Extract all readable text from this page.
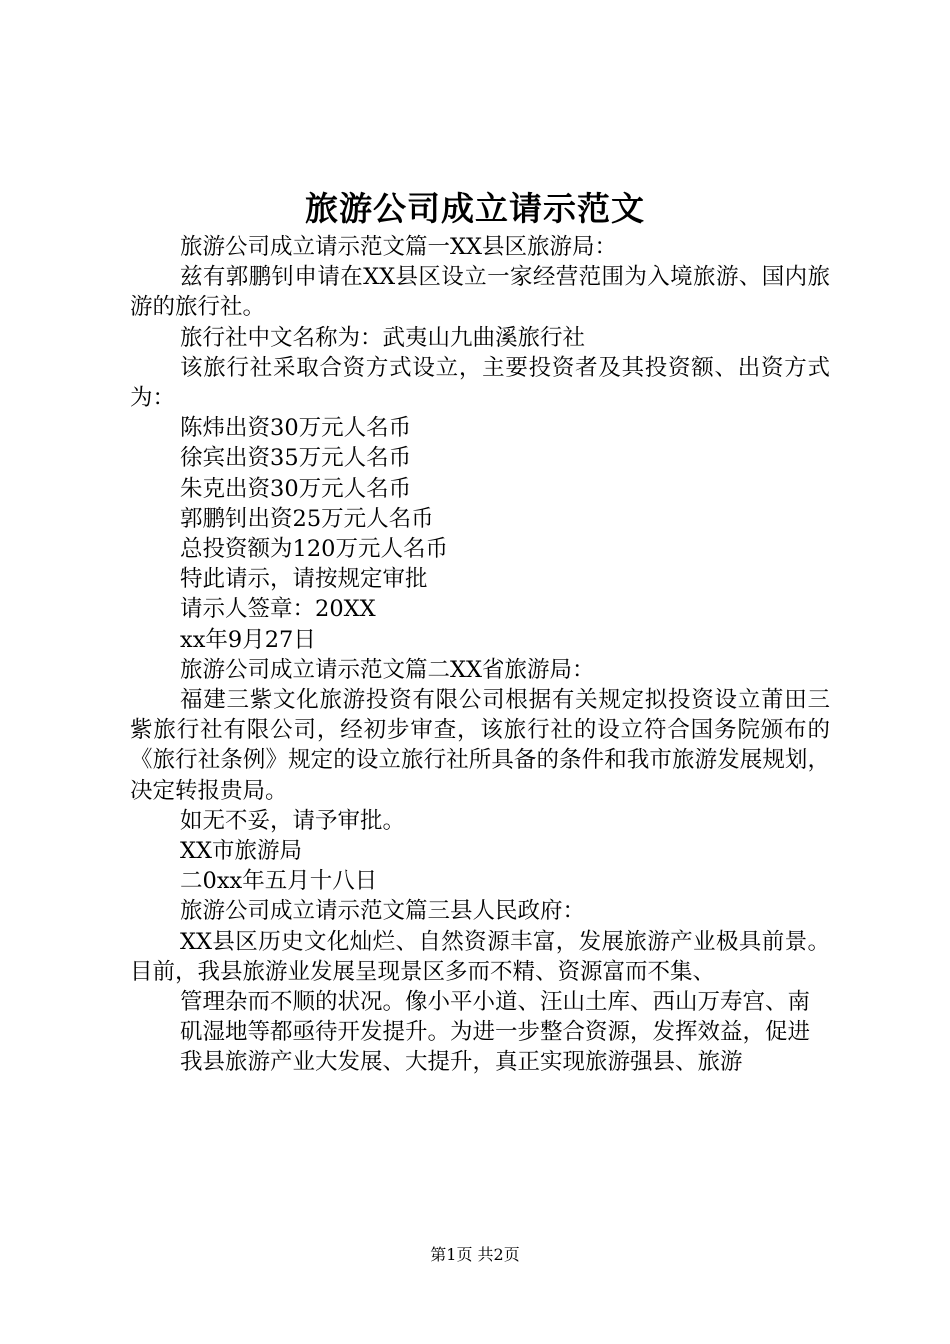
旅游公司成立请示范文

旅游公司成立请示范文篇一XX县区旅游局：

兹有郭鹏钊申请在XX县区设立一家经营范围为入境旅游、国内旅游的旅行社。

旅行社中文名称为：武夷山九曲溪旅行社

该旅行社采取合资方式设立，主要投资者及其投资额、出资方式为：

陈炜出资30万元人名币

徐宾出资35万元人名币

朱克出资30万元人名币

郭鹏钊出资25万元人名币

总投资额为120万元人名币

特此请示，请按规定审批

请示人签章：20XX

xx年9月27日

旅游公司成立请示范文篇二XX省旅游局：

福建三紫文化旅游投资有限公司根据有关规定拟投资设立莆田三紫旅行社有限公司，经初步审查，该旅行社的设立符合国务院颁布的《旅行社条例》规定的设立旅行社所具备的条件和我市旅游发展规划，决定转报贵局。

如无不妥，请予审批。

XX市旅游局

二0xx年五月十八日

旅游公司成立请示范文篇三县人民政府：

XX县区历史文化灿烂、自然资源丰富，发展旅游产业极具前景。目前，我县旅游业发展呈现景区多而不精、资源富而不集、

管理杂而不顺的状况。像小平小道、汪山土库、西山万寿宫、南

矶湿地等都亟待开发提升。为进一步整合资源，发挥效益，促进

我县旅游产业大发展、大提升，真正实现旅游强县、旅游

第1页 共2页
